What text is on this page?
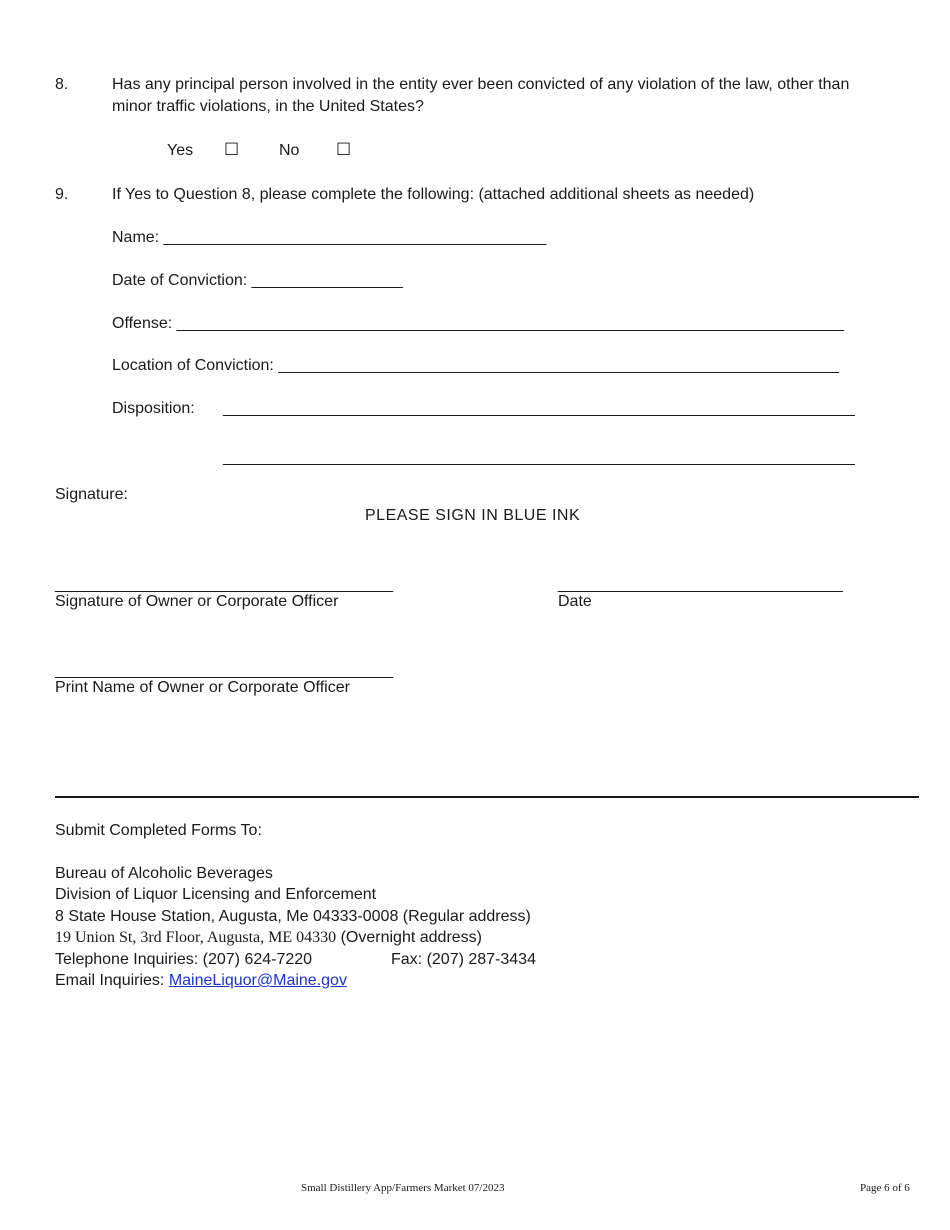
8.	Has any principal person involved in the entity ever been convicted of any violation of the law, other than
minor traffic violations, in the United States?
Yes ☐ No ☐
9.	If Yes to Question 8, please complete the following: (attached additional sheets as needed)
Name: ___________________________________________
Date of Conviction: _________________
Offense: ___________________________________________________________________________
Location of Conviction: _______________________________________________________________
Disposition: _______________________________________________________________________
_______________________________________________________________________
Signature:
PLEASE SIGN IN BLUE INK
______________________________________
Signature of Owner or Corporate Officer
________________________________
Date
______________________________________
Print Name of Owner or Corporate Officer
Submit Completed Forms To:
Bureau of Alcoholic Beverages
Division of Liquor Licensing and Enforcement
8 State House Station, Augusta, Me 04333-0008 (Regular address)
19 Union St, 3rd Floor, Augusta, ME 04330 (Overnight address)
Telephone Inquiries: (207) 624-7220	Fax: (207) 287-3434
Email Inquiries: MaineLiquor@Maine.gov
Small Distillery App/Farmers Market 07/2023	Page 6 of 6
